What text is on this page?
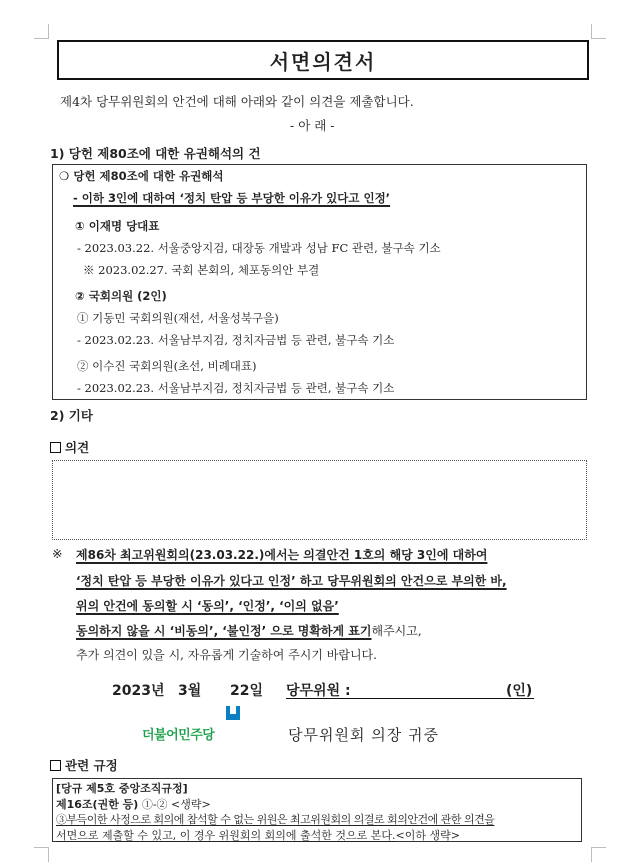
서면의견서
제4차 당무위원회의 안건에 대해 아래와 같이 의견을 제출합니다.
- 아 래 -
1) 당헌 제80조에 대한 유권해석의 건
❍ 당헌 제80조에 대한 유권해석
- 이하 3인에 대하여 ‘정치 탄압 등 부당한 이유가 있다고 인정’
① 이재명 당대표
- 2023.03.22. 서울중앙지검, 대장동 개발과 성남 FC 관련, 불구속 기소
※ 2023.02.27. 국회 본회의, 체포동의안 부결
② 국회의원 (2인)
① 기동민 국회의원(재선, 서울성북구을)
- 2023.02.23. 서울남부지검, 정치자금법 등 관련, 불구속 기소
② 이수진 국회의원(초선, 비례대표)
- 2023.02.23. 서울남부지검, 정치자금법 등 관련, 불구속 기소
2) 기타
의견
※ 제86차 최고위원회의(23.03.22.)에서는 의결안건 1호의 해당 3인에 대하여
‘정치 탄압 등 부당한 이유가 있다고 인정’ 하고 당무위원회의 안건으로 부의한 바,
위의 안건에 동의할 시 ‘동의’, ‘인정’, ‘이의 없음’
동의하지 않을 시 ‘비동의’, ‘불인정’ 으로 명확하게 표기해주시고,
추가 의견이 있을 시, 자유롭게 기술하여 주시기 바랍니다.
2023년 3월 22일 당무위원 :	(인)
더불어민주당	당무위원회 의장 귀중
관련 규정
[당규 제5호 중앙조직규정]
제16조(권한 등) ①-② <생략>
③부득이한 사정으로 회의에 참석할 수 없는 위원은 최고위원회의 의결로 회의안건에 관한 의견을
서면으로 제출할 수 있고, 이 경우 위원회의 회의에 출석한 것으로 본다.<이하 생략>
